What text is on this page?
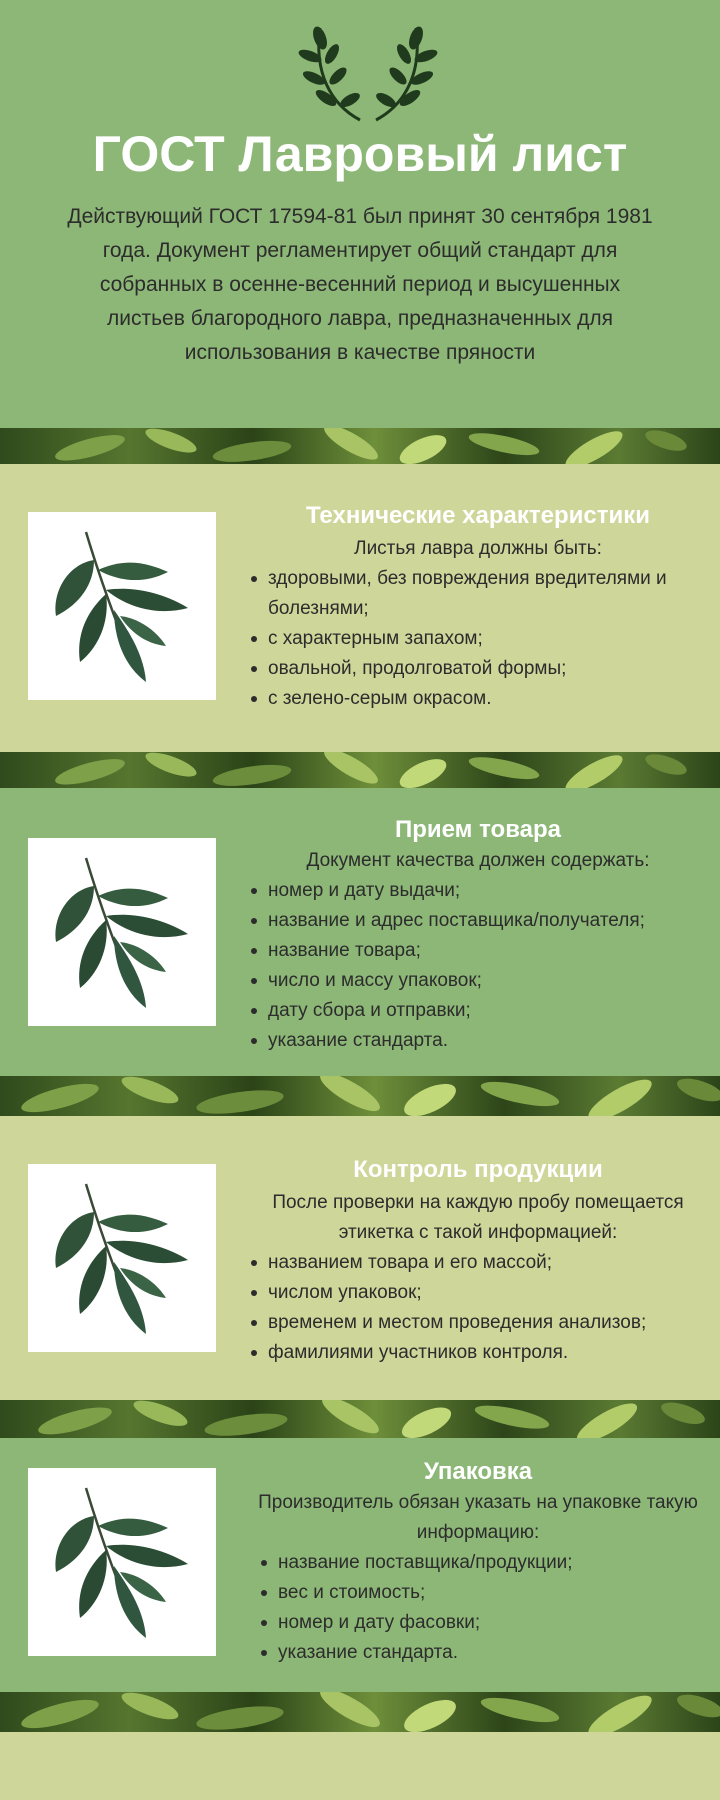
ГОСТ Лавровый лист
Действующий ГОСТ 17594-81 был принят 30 сентября 1981 года. Документ регламентирует общий стандарт для собранных в осенне-весенний период и высушенных листьев благородного лавра, предназначенных для использования в качестве пряности
Технические характеристики
Листья лавра должны быть:
здоровыми, без повреждения вредителями и болезнями;
с характерным запахом;
овальной, продолговатой формы;
с зелено-серым окрасом.
Прием товара
Документ качества должен содержать:
номер и дату выдачи;
название и адрес поставщика/получателя;
название товара;
число и массу упаковок;
дату сбора и отправки;
указание стандарта.
Контроль продукции
После проверки на каждую пробу помещается этикетка с такой информацией:
названием товара и его массой;
числом упаковок;
временем и местом проведения анализов;
фамилиями участников контроля.
Упаковка
Производитель обязан указать на упаковке такую информацию:
название поставщика/продукции;
вес и стоимость;
номер и дату фасовки;
указание стандарта.
